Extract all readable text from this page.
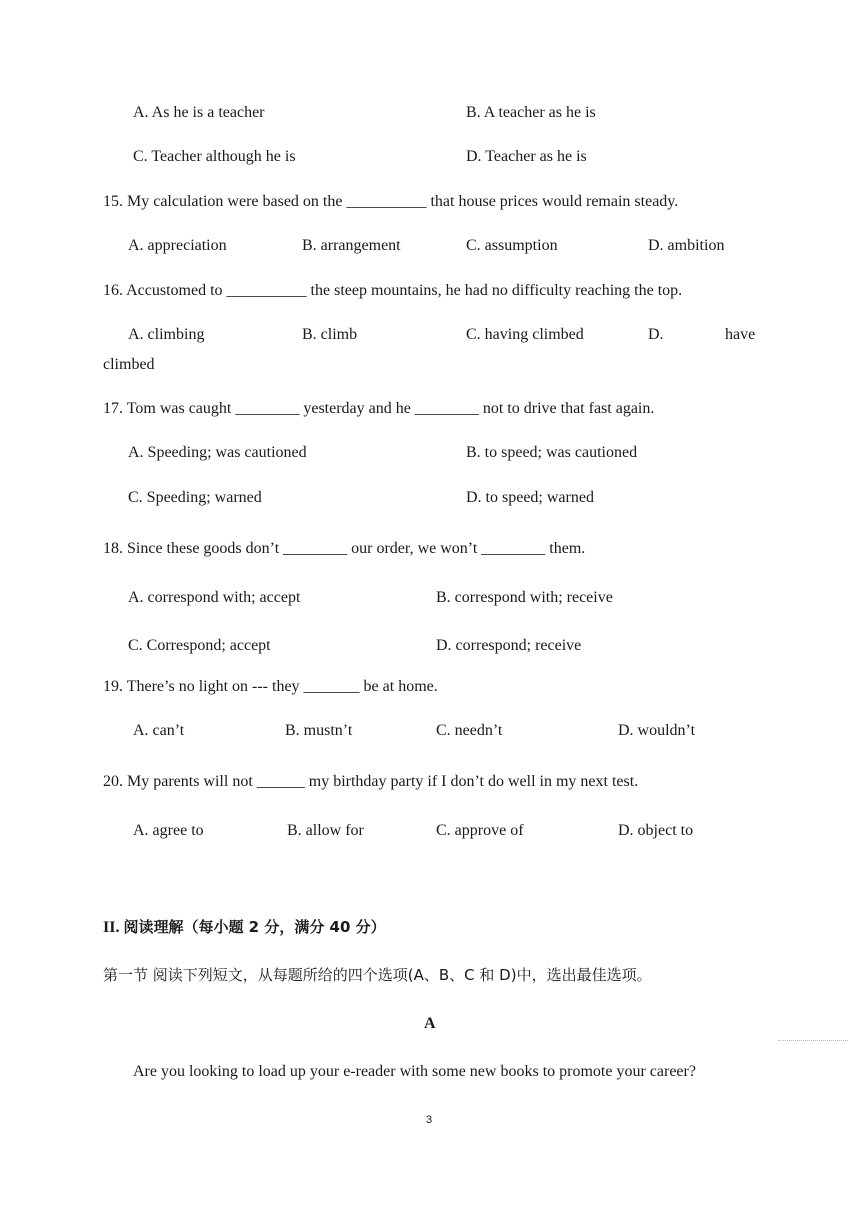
A. As he is a teacher	B. A teacher as he is
C. Teacher although he is	D. Teacher as he is
15. My calculation were based on the __________ that house prices would remain steady.
A. appreciation	B. arrangement	C. assumption	D. ambition
16. Accustomed to __________ the steep mountains, he had no difficulty reaching the top.
A. climbing	B. climb	C. having climbed	D.	have
climbed
17. Tom was caught ________ yesterday and he ________ not to drive that fast again.
A. Speeding; was cautioned	B. to speed; was cautioned
C. Speeding; warned	D. to speed; warned
18. Since these goods don’t ________ our order, we won’t ________ them.
A. correspond with; accept	B. correspond with; receive
C. Correspond; accept	D. correspond; receive
19. There’s no light on --- they _______ be at home.
A. can’t	B. mustn’t	C. needn’t	D. wouldn’t
20. My parents will not ______ my birthday party if I don’t do well in my next test.
A. agree to	B. allow for	C. approve of	D. object to
II. 阅读理解（每小题 2 分，满分 40 分）
第一节 阅读下列短文，从每题所给的四个选项(A、B、C 和 D)中，选出最佳选项。
A
Are you looking to load up your e-reader with some new books to promote your career?
3
